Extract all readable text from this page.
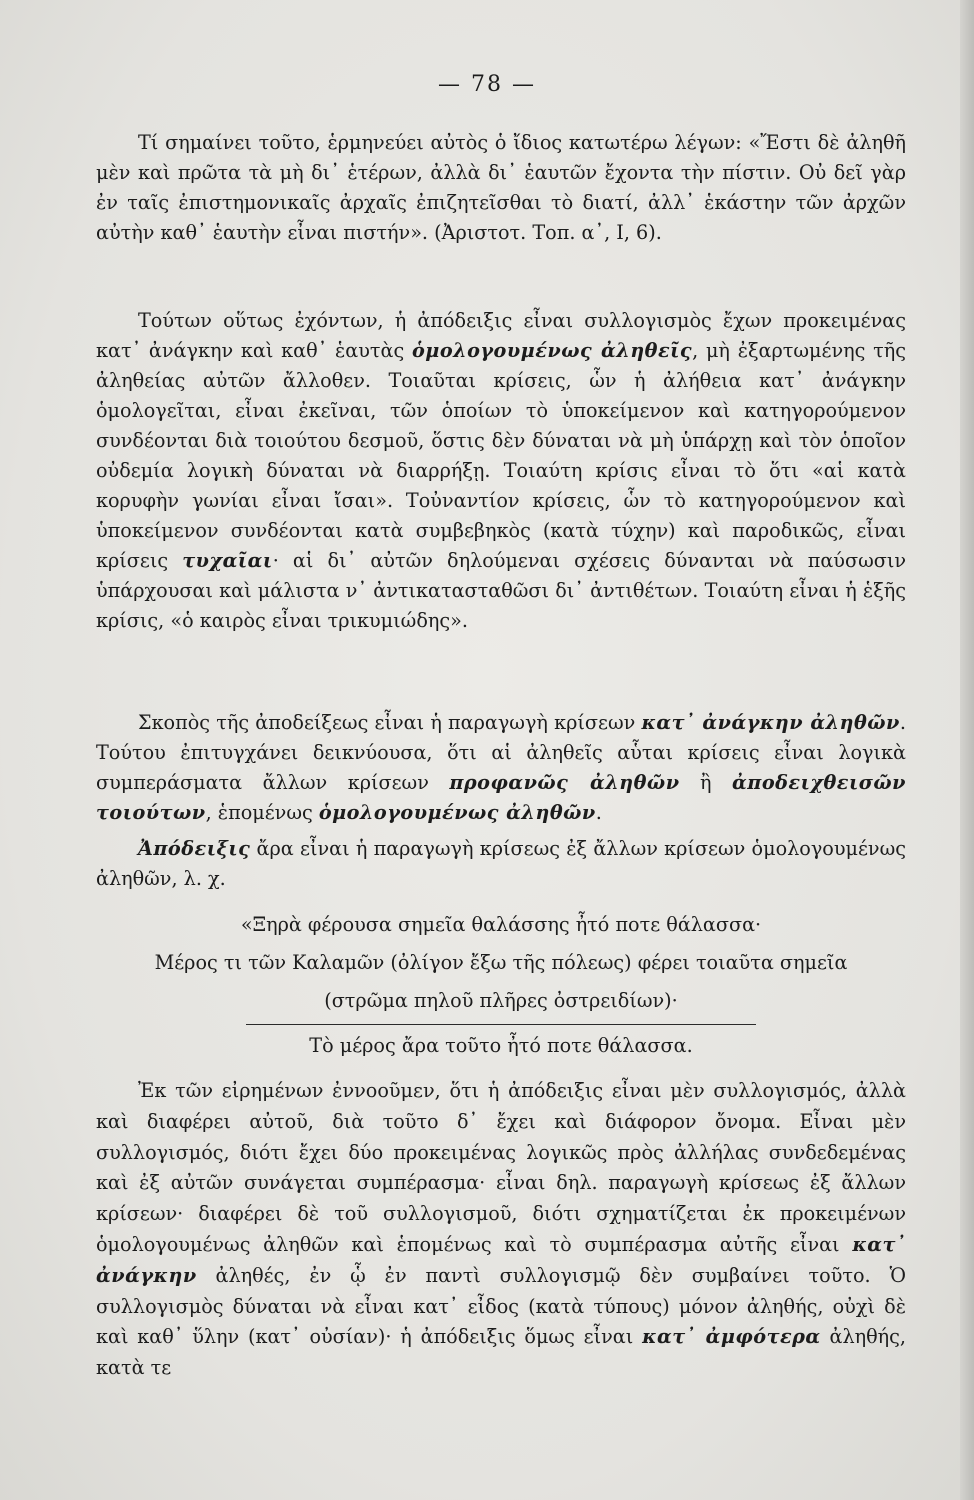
— 78 —

Τί σημαίνει τοῦτο, ἑρμηνεύει αὐτὸς ὁ ἴδιος κατωτέρω λέγων: «Ἔστι δὲ ἀληθῆ μὲν καὶ πρῶτα τὰ μὴ δι᾿ ἑτέρων, ἀλλὰ δι᾿ ἑαυτῶν ἔχοντα τὴν πίστιν. Οὐ δεῖ γὰρ ἐν ταῖς ἐπιστημονικαῖς ἀρχαῖς ἐπιζητεῖσθαι τὸ διατί, ἀλλ᾿ ἑκάστην τῶν ἀρχῶν αὐτὴν καθ᾿ ἑαυτὴν εἶναι πιστήν». (Ἀριστοτ. Τοπ. α᾿, Ι, 6).

Τούτων οὕτως ἐχόντων, ἡ ἀπόδειξις εἶναι συλλογισμὸς ἔχων προκειμένας κατ᾿ ἀνάγκην καὶ καθ᾿ ἑαυτὰς ὁμολογουμένως ἀληθεῖς, μὴ ἐξαρτωμένης τῆς ἀληθείας αὐτῶν ἄλλοθεν. Τοιαῦται κρίσεις, ὧν ἡ ἀλήθεια κατ᾿ ἀνάγκην ὁμολογεῖται, εἶναι ἐκεῖναι, τῶν ὁποίων τὸ ὑποκείμενον καὶ κατηγορούμενον συνδέονται διὰ τοιούτου δεσμοῦ, ὅστις δὲν δύναται νὰ μὴ ὑπάρχῃ καὶ τὸν ὁποῖον οὐδεμία λογικὴ δύναται νὰ διαρρήξῃ. Τοιαύτη κρίσις εἶναι τὸ ὅτι «αἱ κατὰ κορυφὴν γωνίαι εἶναι ἴσαι». Τοὐναντίον κρίσεις, ὧν τὸ κατηγορούμενον καὶ ὑποκείμενον συνδέονται κατὰ συμβεβηκὸς (κατὰ τύχην) καὶ παροδικῶς, εἶναι κρίσεις τυχαῖαι· αἱ δι᾿ αὐτῶν δηλούμεναι σχέσεις δύνανται νὰ παύσωσιν ὑπάρχουσαι καὶ μάλιστα ν᾿ ἀντικατασταθῶσι δι᾿ ἀντιθέτων. Τοιαύτη εἶναι ἡ ἑξῆς κρίσις, «ὁ καιρὸς εἶναι τρικυμιώδης».

Σκοπὸς τῆς ἀποδείξεως εἶναι ἡ παραγωγὴ κρίσεων κατ᾿ ἀνάγκην ἀληθῶν. Τούτου ἐπιτυγχάνει δεικνύουσα, ὅτι αἱ ἀληθεῖς αὗται κρίσεις εἶναι λογικὰ συμπεράσματα ἄλλων κρίσεων προφανῶς ἀληθῶν ἢ ἀποδειχθεισῶν τοιούτων, ἑπομένως ὁμολογουμένως ἀληθῶν.

Ἀπόδειξις ἄρα εἶναι ἡ παραγωγὴ κρίσεως ἐξ ἄλλων κρίσεων ὁμολογουμένως ἀληθῶν, λ. χ.

«Ξηρὰ φέρουσα σημεῖα θαλάσσης ἦτό ποτε θάλασσα·
Μέρος τι τῶν Καλαμῶν (ὀλίγον ἔξω τῆς πόλεως) φέρει τοιαῦτα σημεῖα
(στρῶμα πηλοῦ πλῆρες ὀστρειδίων)·
Τὸ μέρος ἄρα τοῦτο ἦτό ποτε θάλασσα.

Ἐκ τῶν εἰρημένων ἐννοοῦμεν, ὅτι ἡ ἀπόδειξις εἶναι μὲν συλλογισμός, ἀλλὰ καὶ διαφέρει αὐτοῦ, διὰ τοῦτο δ᾿ ἔχει καὶ διάφορον ὄνομα. Εἶναι μὲν συλλογισμός, διότι ἔχει δύο προκειμένας λογικῶς πρὸς ἀλλήλας συνδεδεμένας καὶ ἐξ αὐτῶν συνάγεται συμπέρασμα· εἶναι δηλ. παραγωγὴ κρίσεως ἐξ ἄλλων κρίσεων· διαφέρει δὲ τοῦ συλλογισμοῦ, διότι σχηματίζεται ἐκ προκειμένων ὁμολογουμένως ἀληθῶν καὶ ἑπομένως καὶ τὸ συμπέρασμα αὐτῆς εἶναι κατ᾿ ἀνάγκην ἀληθές, ἐν ᾧ ἐν παντὶ συλλογισμῷ δὲν συμβαίνει τοῦτο. Ὁ συλλογισμὸς δύναται νὰ εἶναι κατ᾿ εἶδος (κατὰ τύπους) μόνον ἀληθής, οὐχὶ δὲ καὶ καθ᾿ ὕλην (κατ᾿ οὐσίαν)· ἡ ἀπόδειξις ὅμως εἶναι κατ᾿ ἀμφότερα ἀληθής, κατὰ τε
